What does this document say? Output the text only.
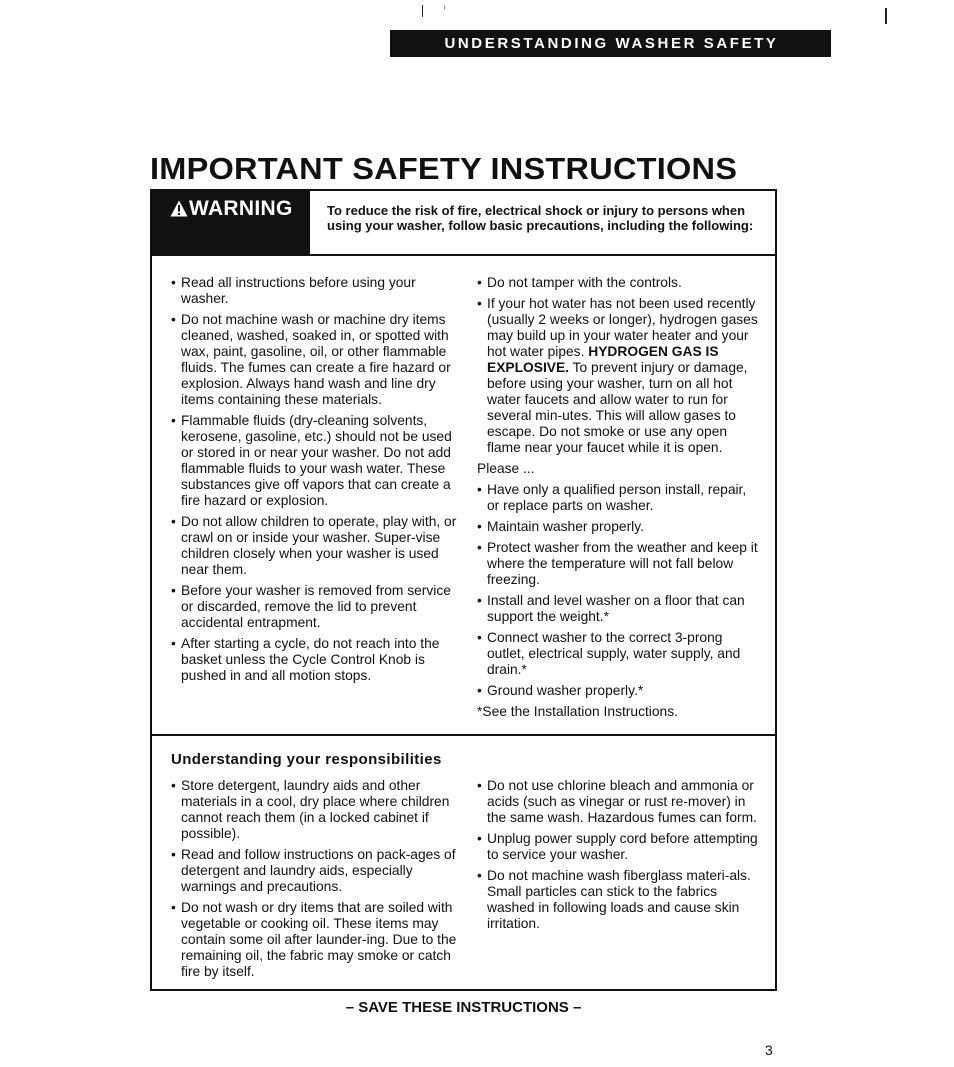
UNDERSTANDING WASHER SAFETY
IMPORTANT SAFETY INSTRUCTIONS
WARNING	To reduce the risk of fire, electrical shock or injury to persons when using your washer, follow basic precautions, including the following:
• Read all instructions before using your washer.
• Do not machine wash or machine dry items cleaned, washed, soaked in, or spotted with wax, paint, gasoline, oil, or other flammable fluids. The fumes can create a fire hazard or explosion. Always hand wash and line dry items containing these materials.
• Flammable fluids (dry-cleaning solvents, kerosene, gasoline, etc.) should not be used or stored in or near your washer. Do not add flammable fluids to your wash water. These substances give off vapors that can create a fire hazard or explosion.
• Do not allow children to operate, play with, or crawl on or inside your washer. Super-vise children closely when your washer is used near them.
• Before your washer is removed from service or discarded, remove the lid to prevent accidental entrapment.
• After starting a cycle, do not reach into the basket unless the Cycle Control Knob is pushed in and all motion stops.
• Do not tamper with the controls.
• If your hot water has not been used recently (usually 2 weeks or longer), hydrogen gases may build up in your water heater and your hot water pipes. HYDROGEN GAS IS EXPLOSIVE. To prevent injury or damage, before using your washer, turn on all hot water faucets and allow water to run for several min-utes. This will allow gases to escape. Do not smoke or use any open flame near your faucet while it is open.

Please ...

• Have only a qualified person install, repair, or replace parts on washer.
• Maintain washer properly.
• Protect washer from the weather and keep it where the temperature will not fall below freezing.
• Install and level washer on a floor that can support the weight.*
• Connect washer to the correct 3-prong outlet, electrical supply, water supply, and drain.*
• Ground washer properly.*

*See the Installation Instructions.

Understanding your responsibilities
• Store detergent, laundry aids and other materials in a cool, dry place where children cannot reach them (in a locked cabinet if possible).
• Read and follow instructions on pack-ages of detergent and laundry aids, especially warnings and precautions.
• Do not wash or dry items that are soiled with vegetable or cooking oil. These items may contain some oil after launder-ing. Due to the remaining oil, the fabric may smoke or catch fire by itself.
• Do not use chlorine bleach and ammonia or acids (such as vinegar or rust re-mover) in the same wash. Hazardous fumes can form.
• Unplug power supply cord before attempting to service your washer.
• Do not machine wash fiberglass materi-als. Small particles can stick to the fabrics washed in following loads and cause skin irritation.
– SAVE THESE INSTRUCTIONS –
3
